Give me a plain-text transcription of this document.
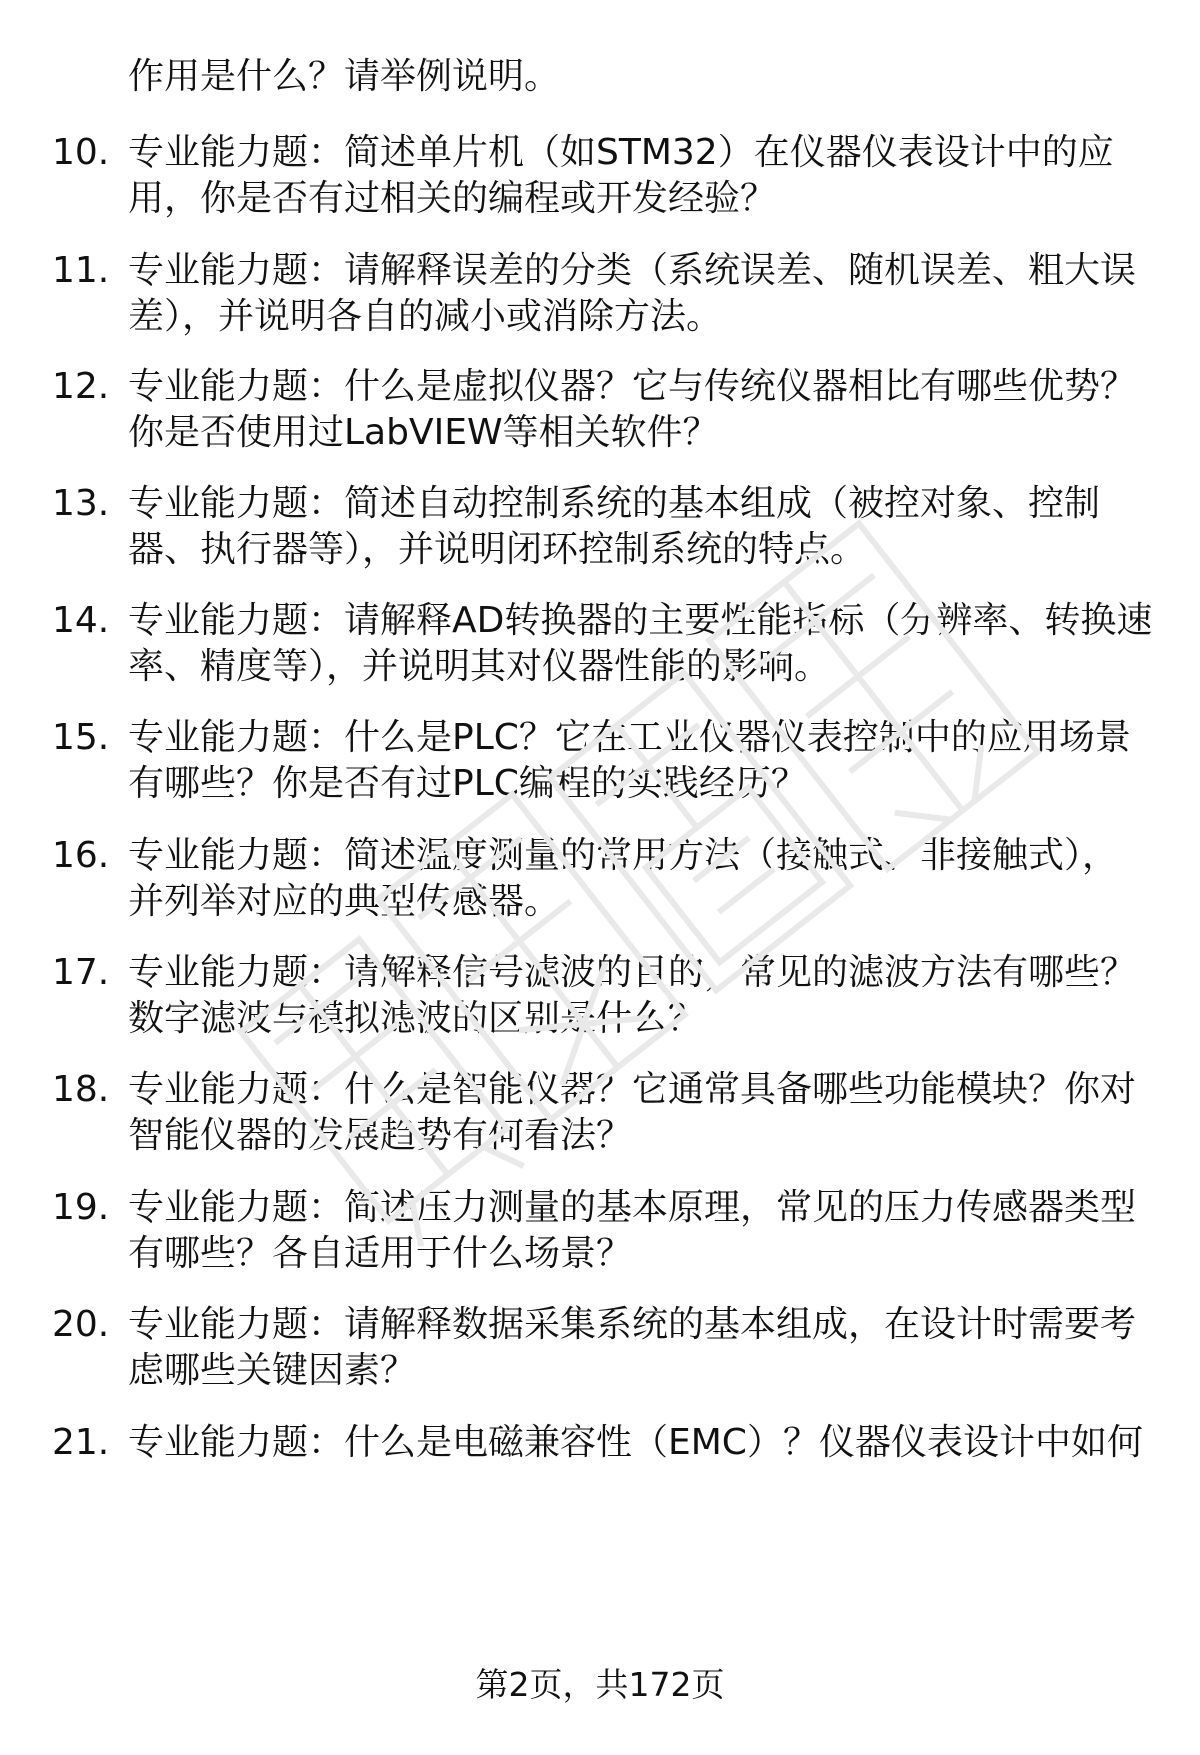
作用是什么？请举例说明。
10. 专业能力题：简述单片机（如STM32）在仪器仪表设计中的应
用，你是否有过相关的编程或开发经验？
11. 专业能力题：请解释误差的分类（系统误差、随机误差、粗大误
差），并说明各自的减小或消除方法。
12. 专业能力题：什么是虚拟仪器？它与传统仪器相比有哪些优势？
你是否使用过LabVIEW等相关软件？
13. 专业能力题：简述自动控制系统的基本组成（被控对象、控制
器、执行器等），并说明闭环控制系统的特点。
14. 专业能力题：请解释AD转换器的主要性能指标（分辨率、转换速
率、精度等），并说明其对仪器性能的影响。
15. 专业能力题：什么是PLC？它在工业仪器仪表控制中的应用场景
有哪些？你是否有过PLC编程的实践经历？
16. 专业能力题：简述温度测量的常用方法（接触式、非接触式），
并列举对应的典型传感器。
17. 专业能力题：请解释信号滤波的目的，常见的滤波方法有哪些？
数字滤波与模拟滤波的区别是什么？
18. 专业能力题：什么是智能仪器？它通常具备哪些功能模块？你对
智能仪器的发展趋势有何看法？
19. 专业能力题：简述压力测量的基本原理，常见的压力传感器类型
有哪些？各自适用于什么场景？
20. 专业能力题：请解释数据采集系统的基本组成，在设计时需要考
虑哪些关键因素？
21. 专业能力题：什么是电磁兼容性（EMC）？仪器仪表设计中如何
第2页，共172页
